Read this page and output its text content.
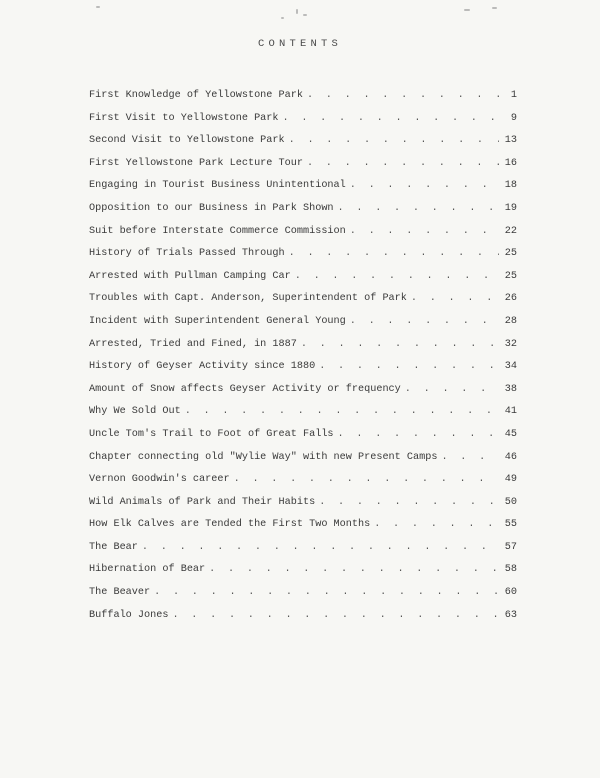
CONTENTS
First Knowledge of Yellowstone Park . . .	1
First Visit to Yellowstone Park . . .	9
Second Visit to Yellowstone Park . . .	13
First Yellowstone Park Lecture Tour . . .	16
Engaging in Tourist Business Unintentional . . .	18
Opposition to our Business in Park Shown . . .	19
Suit before Interstate Commerce Commission . . .	22
History of Trials Passed Through . . .	25
Arrested with Pullman Camping Car . . .	25
Troubles with Capt. Anderson, Superintendent of Park . . .	26
Incident with Superintendent General Young . . .	28
Arrested, Tried and Fined, in 1887 . . .	32
History of Geyser Activity since 1880 . . .	34
Amount of Snow affects Geyser Activity or frequency . . .	38
Why We Sold Out . . .	41
Uncle Tom's Trail to Foot of Great Falls . . .	45
Chapter connecting old "Wylie Way" with new Present Camps . . .	46
Vernon Goodwin's career . . .	49
Wild Animals of Park and Their Habits . . .	50
How Elk Calves are Tended the First Two Months . . .	55
The Bear . . .	57
Hibernation of Bear . . .	58
The Beaver . . .	60
Buffalo Jones . . .	63
